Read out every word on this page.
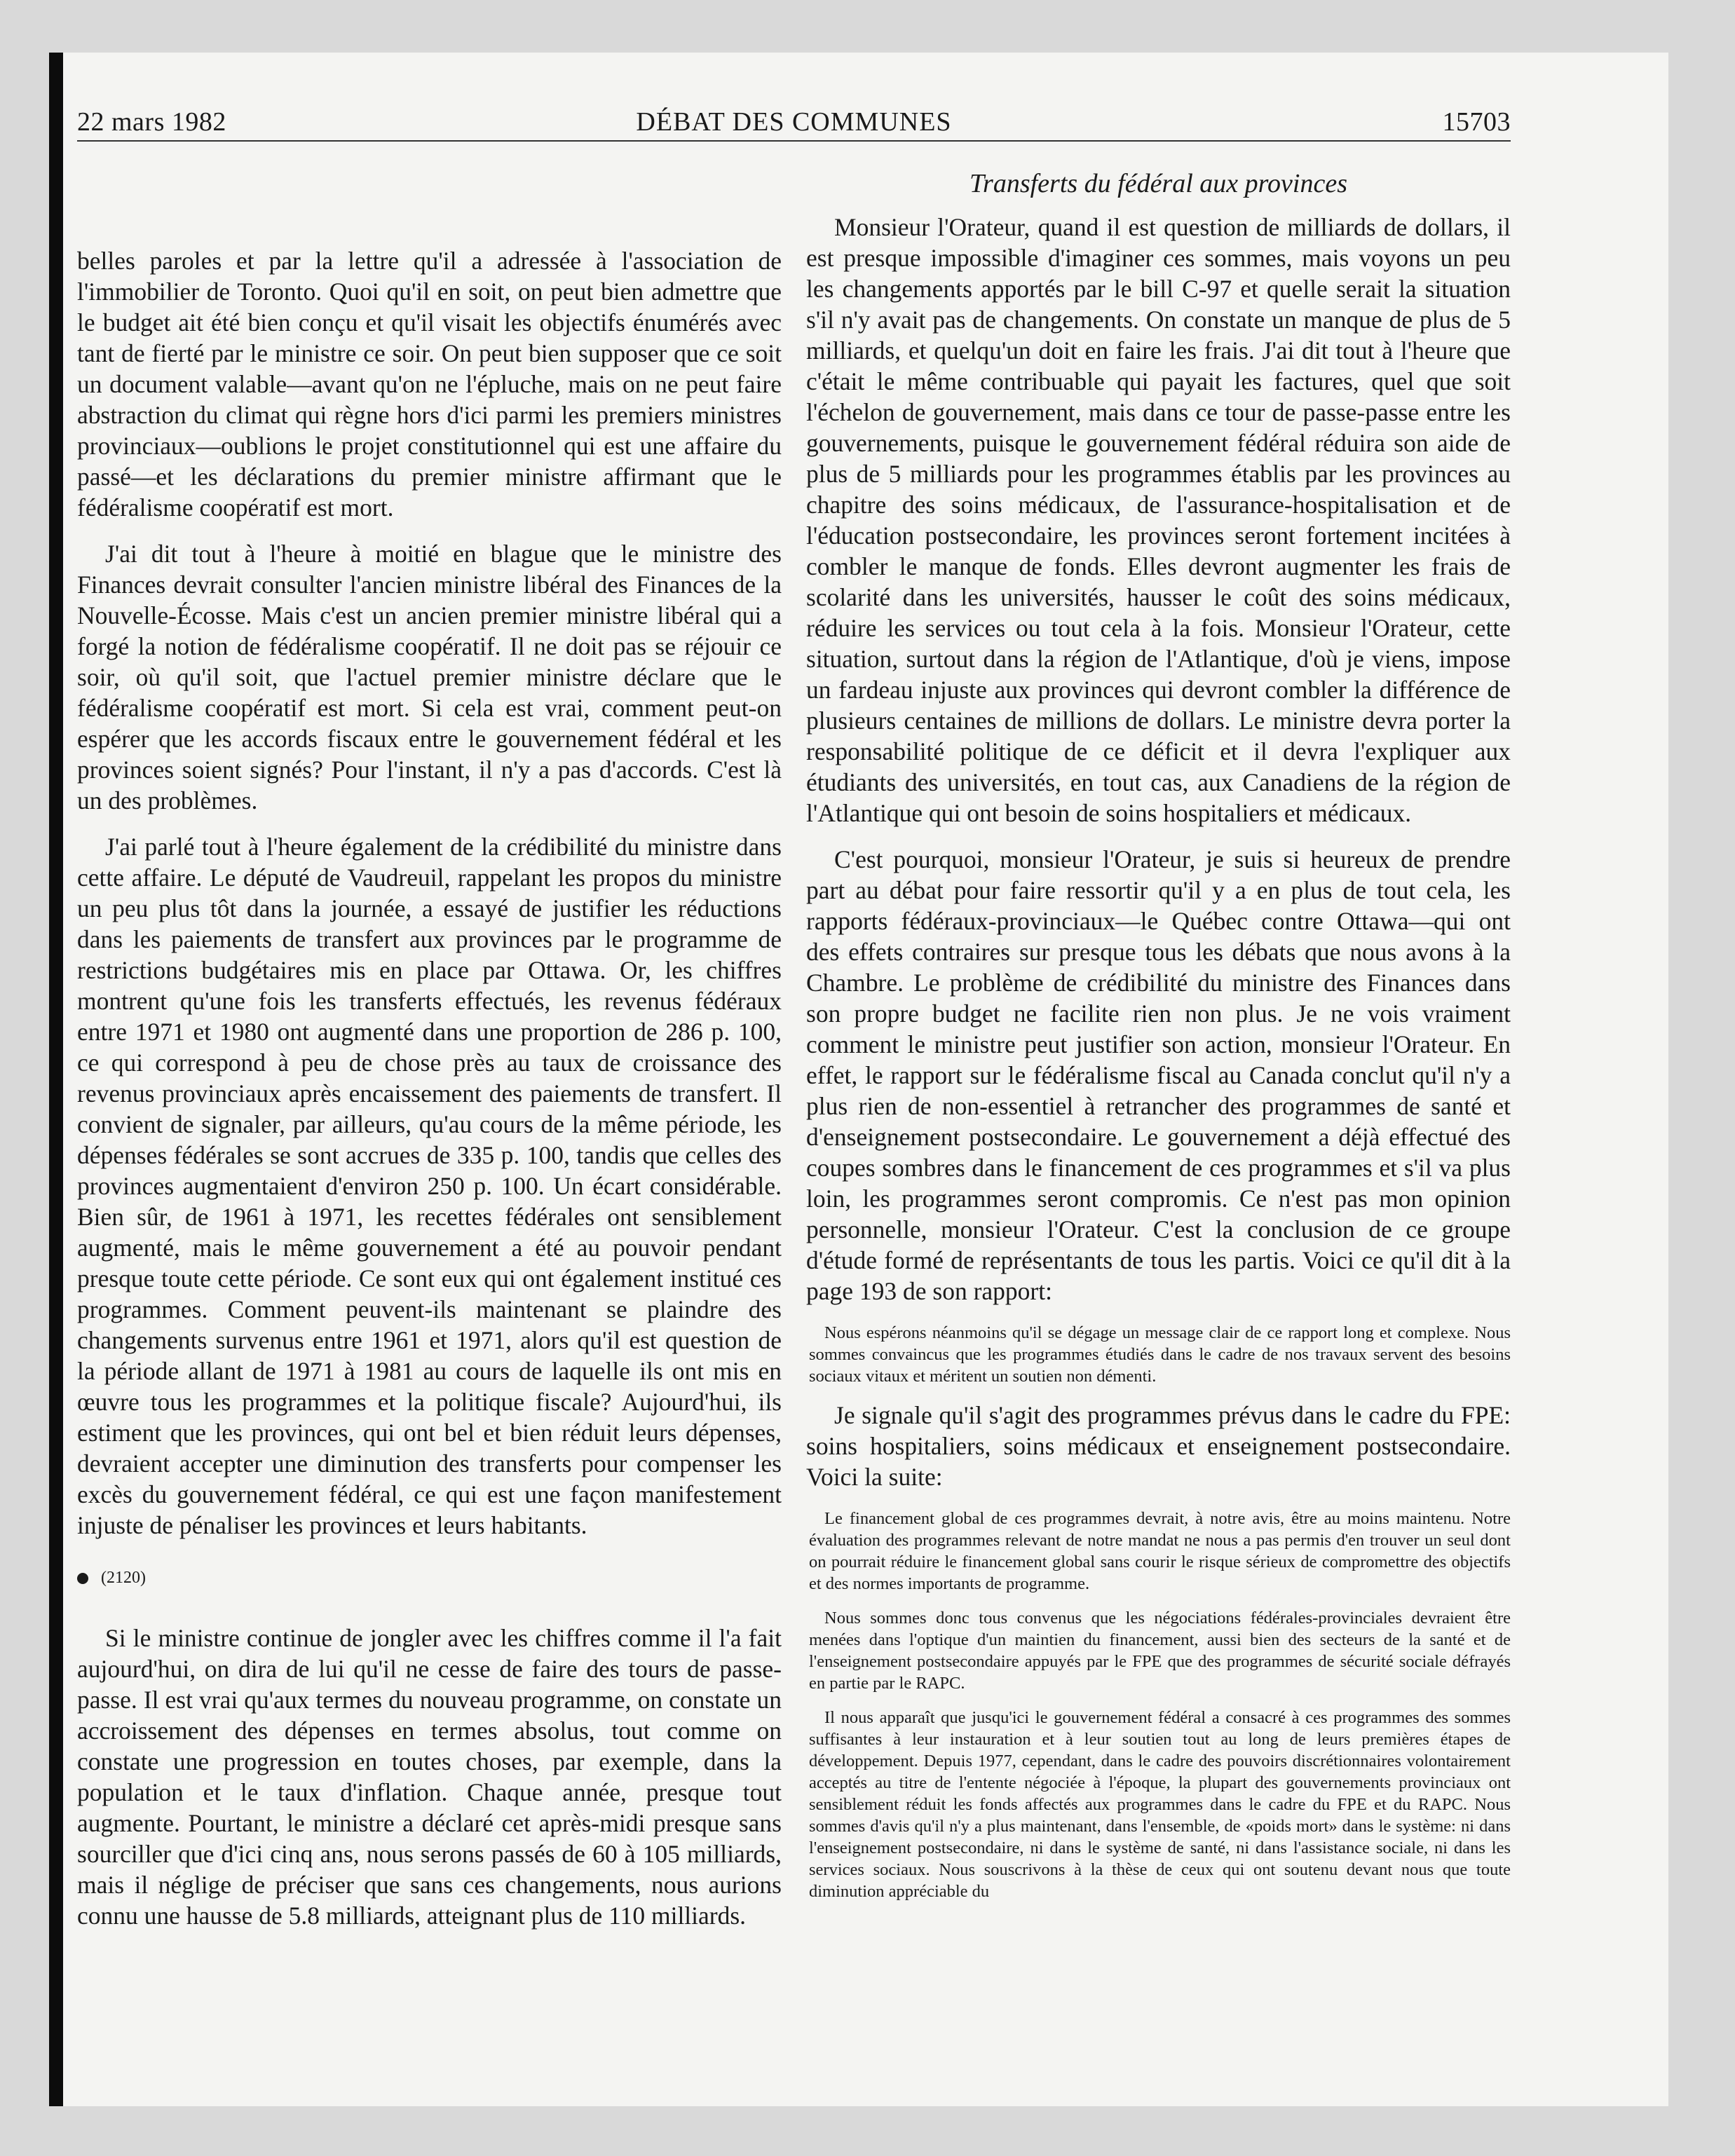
22 mars 1982	DÉBAT DES COMMUNES	15703

belles paroles et par la lettre qu'il a adressée à l'association de l'immobilier de Toronto. Quoi qu'il en soit, on peut bien admettre que le budget ait été bien conçu et qu'il visait les objectifs énumérés avec tant de fierté par le ministre ce soir. On peut bien supposer que ce soit un document valable—avant qu'on ne l'épluche, mais on ne peut faire abstraction du climat qui règne hors d'ici parmi les premiers ministres provinciaux—oublions le projet constitutionnel qui est une affaire du passé—et les déclarations du premier ministre affirmant que le fédéralisme coopératif est mort.

J'ai dit tout à l'heure à moitié en blague que le ministre des Finances devrait consulter l'ancien ministre libéral des Finances de la Nouvelle-Écosse. Mais c'est un ancien premier ministre libéral qui a forgé la notion de fédéralisme coopératif. Il ne doit pas se réjouir ce soir, où qu'il soit, que l'actuel premier ministre déclare que le fédéralisme coopératif est mort. Si cela est vrai, comment peut-on espérer que les accords fiscaux entre le gouvernement fédéral et les provinces soient signés? Pour l'instant, il n'y a pas d'accords. C'est là un des problèmes.

J'ai parlé tout à l'heure également de la crédibilité du ministre dans cette affaire. Le député de Vaudreuil, rappelant les propos du ministre un peu plus tôt dans la journée, a essayé de justifier les réductions dans les paiements de transfert aux provinces par le programme de restrictions budgétaires mis en place par Ottawa. Or, les chiffres montrent qu'une fois les transferts effectués, les revenus fédéraux entre 1971 et 1980 ont augmenté dans une proportion de 286 p. 100, ce qui correspond à peu de chose près au taux de croissance des revenus provinciaux après encaissement des paiements de transfert. Il convient de signaler, par ailleurs, qu'au cours de la même période, les dépenses fédérales se sont accrues de 335 p. 100, tandis que celles des provinces augmentaient d'environ 250 p. 100. Un écart considérable. Bien sûr, de 1961 à 1971, les recettes fédérales ont sensiblement augmenté, mais le même gouvernement a été au pouvoir pendant presque toute cette période. Ce sont eux qui ont également institué ces programmes. Comment peuvent-ils maintenant se plaindre des changements survenus entre 1961 et 1971, alors qu'il est question de la période allant de 1971 à 1981 au cours de laquelle ils ont mis en œuvre tous les programmes et la politique fiscale? Aujourd'hui, ils estiment que les provinces, qui ont bel et bien réduit leurs dépenses, devraient accepter une diminution des transferts pour compenser les excès du gouvernement fédéral, ce qui est une façon manifestement injuste de pénaliser les provinces et leurs habitants.

(2120)

Si le ministre continue de jongler avec les chiffres comme il l'a fait aujourd'hui, on dira de lui qu'il ne cesse de faire des tours de passe-passe. Il est vrai qu'aux termes du nouveau programme, on constate un accroissement des dépenses en termes absolus, tout comme on constate une progression en toutes choses, par exemple, dans la population et le taux d'inflation. Chaque année, presque tout augmente. Pourtant, le ministre a déclaré cet après-midi presque sans sourciller que d'ici cinq ans, nous serons passés de 60 à 105 milliards, mais il néglige de préciser que sans ces changements, nous aurions connu une hausse de 5.8 milliards, atteignant plus de 110 milliards.

Transferts du fédéral aux provinces

Monsieur l'Orateur, quand il est question de milliards de dollars, il est presque impossible d'imaginer ces sommes, mais voyons un peu les changements apportés par le bill C-97 et quelle serait la situation s'il n'y avait pas de changements. On constate un manque de plus de 5 milliards, et quelqu'un doit en faire les frais. J'ai dit tout à l'heure que c'était le même contribuable qui payait les factures, quel que soit l'échelon de gouvernement, mais dans ce tour de passe-passe entre les gouvernements, puisque le gouvernement fédéral réduira son aide de plus de 5 milliards pour les programmes établis par les provinces au chapitre des soins médicaux, de l'assurance-hospitalisation et de l'éducation postsecondaire, les provinces seront fortement incitées à combler le manque de fonds. Elles devront augmenter les frais de scolarité dans les universités, hausser le coût des soins médicaux, réduire les services ou tout cela à la fois. Monsieur l'Orateur, cette situation, surtout dans la région de l'Atlantique, d'où je viens, impose un fardeau injuste aux provinces qui devront combler la différence de plusieurs centaines de millions de dollars. Le ministre devra porter la responsabilité politique de ce déficit et il devra l'expliquer aux étudiants des universités, en tout cas, aux Canadiens de la région de l'Atlantique qui ont besoin de soins hospitaliers et médicaux.

C'est pourquoi, monsieur l'Orateur, je suis si heureux de prendre part au débat pour faire ressortir qu'il y a en plus de tout cela, les rapports fédéraux-provinciaux—le Québec contre Ottawa—qui ont des effets contraires sur presque tous les débats que nous avons à la Chambre. Le problème de crédibilité du ministre des Finances dans son propre budget ne facilite rien non plus. Je ne vois vraiment comment le ministre peut justifier son action, monsieur l'Orateur. En effet, le rapport sur le fédéralisme fiscal au Canada conclut qu'il n'y a plus rien de non-essentiel à retrancher des programmes de santé et d'enseignement postsecondaire. Le gouvernement a déjà effectué des coupes sombres dans le financement de ces programmes et s'il va plus loin, les programmes seront compromis. Ce n'est pas mon opinion personnelle, monsieur l'Orateur. C'est la conclusion de ce groupe d'étude formé de représentants de tous les partis. Voici ce qu'il dit à la page 193 de son rapport:

Nous espérons néanmoins qu'il se dégage un message clair de ce rapport long et complexe. Nous sommes convaincus que les programmes étudiés dans le cadre de nos travaux servent des besoins sociaux vitaux et méritent un soutien non démenti.

Je signale qu'il s'agit des programmes prévus dans le cadre du FPE: soins hospitaliers, soins médicaux et enseignement postsecondaire. Voici la suite:

Le financement global de ces programmes devrait, à notre avis, être au moins maintenu. Notre évaluation des programmes relevant de notre mandat ne nous a pas permis d'en trouver un seul dont on pourrait réduire le financement global sans courir le risque sérieux de compromettre des objectifs et des normes importants de programme.

Nous sommes donc tous convenus que les négociations fédérales-provinciales devraient être menées dans l'optique d'un maintien du financement, aussi bien des secteurs de la santé et de l'enseignement postsecondaire appuyés par le FPE que des programmes de sécurité sociale défrayés en partie par le RAPC.

Il nous apparaît que jusqu'ici le gouvernement fédéral a consacré à ces programmes des sommes suffisantes à leur instauration et à leur soutien tout au long de leurs premières étapes de développement. Depuis 1977, cependant, dans le cadre des pouvoirs discrétionnaires volontairement acceptés au titre de l'entente négociée à l'époque, la plupart des gouvernements provinciaux ont sensiblement réduit les fonds affectés aux programmes dans le cadre du FPE et du RAPC. Nous sommes d'avis qu'il n'y a plus maintenant, dans l'ensemble, de «poids mort» dans le système: ni dans l'enseignement postsecondaire, ni dans le système de santé, ni dans l'assistance sociale, ni dans les services sociaux. Nous souscrivons à la thèse de ceux qui ont soutenu devant nous que toute diminution appréciable du
